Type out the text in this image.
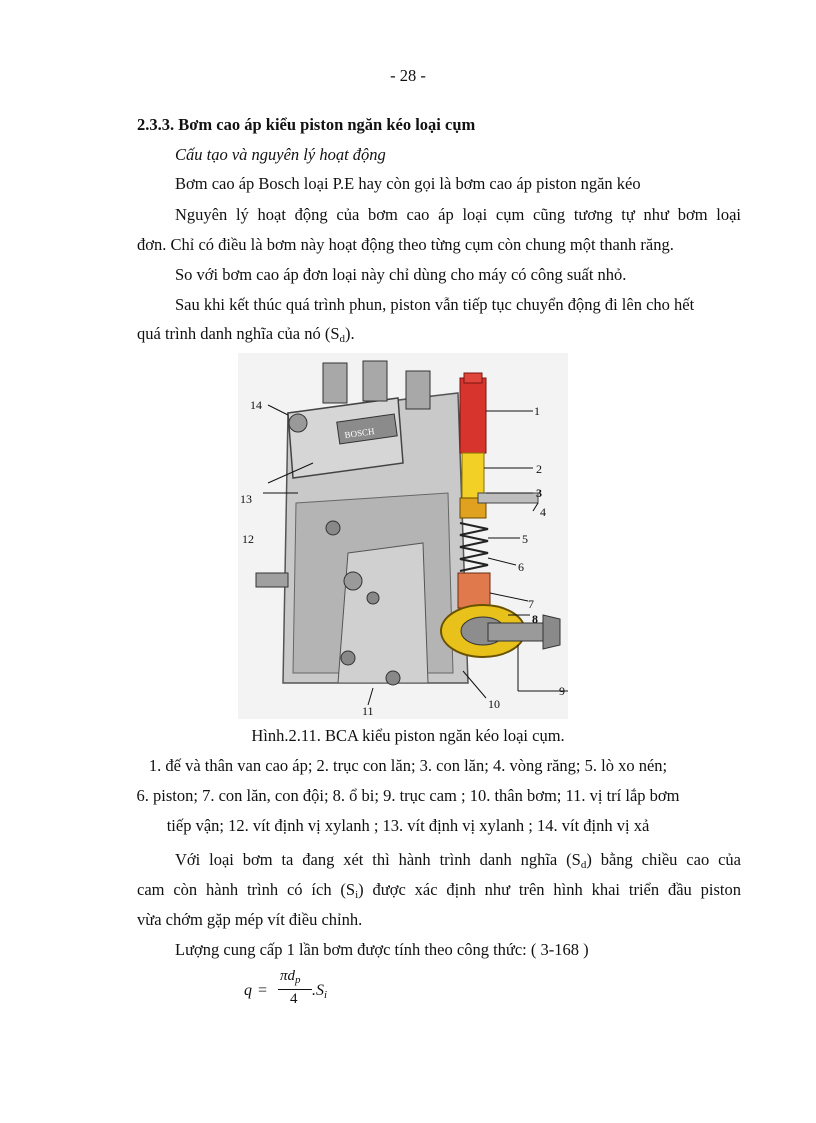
- 28 -
2.3.3. Bơm cao áp kiểu piston ngăn kéo loại cụm
Cấu tạo và nguyên lý hoạt động
Bơm cao áp Bosch loại P.E hay còn gọi là bơm cao áp piston ngăn kéo
Nguyên lý hoạt động của bơm cao áp loại cụm cũng tương tự như bơm loại
đơn. Chỉ có điều là bơm này hoạt động theo từng cụm còn chung một thanh răng.
So với bơm cao áp đơn loại này chỉ dùng cho máy có công suất nhỏ.
Sau khi kết thúc quá trình phun, piston vẫn tiếp tục chuyển động đi lên cho hết
quá trình danh nghĩa của nó $(S_d)$.
BOSCH
1
2
3
4
5
6
7
8
9
10
11
12
13
14
Hình.2.11. BCA kiểu piston ngăn kéo loại cụm.
1. đế và thân van cao áp; 2. trục con lăn; 3. con lăn; 4. vòng răng; 5. lò xo nén;
6. piston; 7. con lăn, con đội; 8. ổ bi; 9. trục cam ; 10. thân bơm; 11. vị trí lắp bơm
tiếp vận; 12. vít định vị xylanh ; 13. vít định vị xylanh ; 14. vít định vị xả
Với loại bơm ta đang xét thì hành trình danh nghĩa $(S_d)$ bằng chiều cao của
cam còn hành trình có ích $(S_i)$ được xác định như trên hình khai triển đầu piston
vừa chớm gặp mép vít điều chỉnh.
Lượng cung cấp 1 lần bơm được tính theo công thức: ( 3-168 )
q =
$\pi d_p$
4 $.S_i$
